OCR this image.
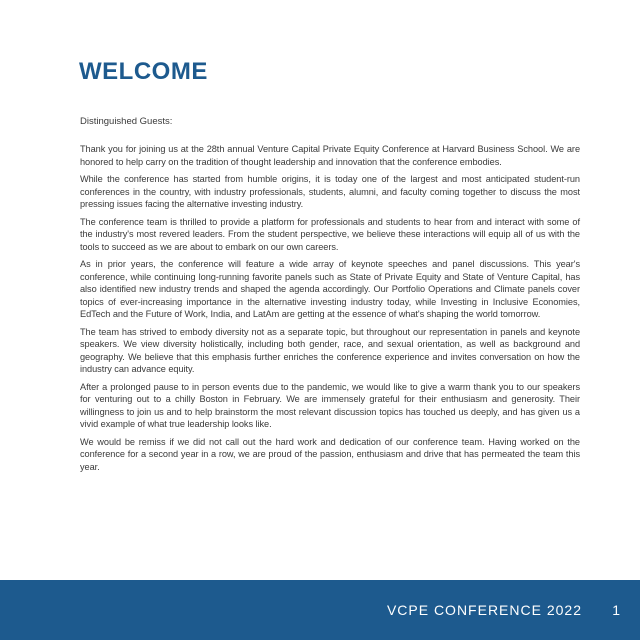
WELCOME

Distinguished Guests:

Thank you for joining us at the 28th annual Venture Capital Private Equity Conference at Harvard Business School. We are honored to help carry on the tradition of thought leadership and innovation that the conference embodies.

While the conference has started from humble origins, it is today one of the largest and most anticipated student-run conferences in the country, with industry professionals, students, alumni, and faculty coming together to discuss the most pressing issues facing the alternative investing industry.

The conference team is thrilled to provide a platform for professionals and students to hear from and interact with some of the industry's most revered leaders. From the student perspective, we believe these interactions will equip all of us with the tools to succeed as we are about to embark on our own careers.

As in prior years, the conference will feature a wide array of keynote speeches and panel discussions. This year's conference, while continuing long-running favorite panels such as State of Private Equity and State of Venture Capital, has also identified new industry trends and shaped the agenda accordingly. Our Portfolio Operations and Climate panels cover topics of ever-increasing importance in the alternative investing industry today, while Investing in Inclusive Economies, EdTech and the Future of Work, India, and LatAm are getting at the essence of what's shaping the world tomorrow.

The team has strived to embody diversity not as a separate topic, but throughout our representation in panels and keynote speakers. We view diversity holistically, including both gender, race, and sexual orientation, as well as background and geography. We believe that this emphasis further enriches the conference experience and invites conversation on how the industry can advance equity.

After a prolonged pause to in person events due to the pandemic, we would like to give a warm thank you to our speakers for venturing out to a chilly Boston in February. We are immensely grateful for their enthusiasm and generosity. Their willingness to join us and to help brainstorm the most relevant discussion topics has touched us deeply, and has given us a vivid example of what true leadership looks like.

We would be remiss if we did not call out the hard work and dedication of our conference team. Having worked on the conference for a second year in a row, we are proud of the passion, enthusiasm and drive that has permeated the team this year.

VCPE CONFERENCE 2022 1
